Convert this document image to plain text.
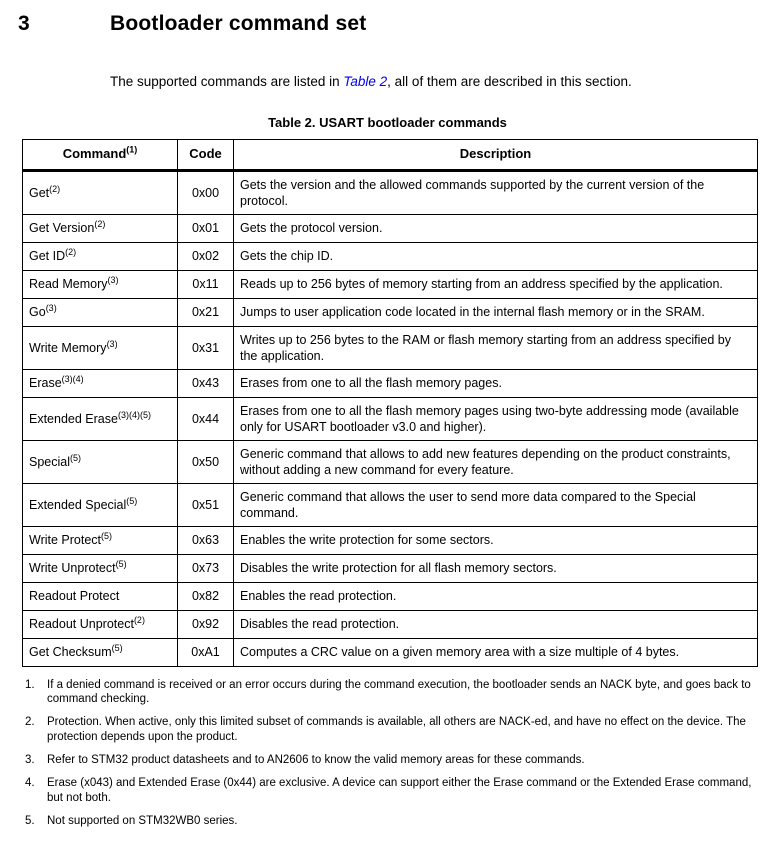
3	Bootloader command set

The supported commands are listed in Table 2, all of them are described in this section.

Table 2. USART bootloader commands
Command$^{(1)}$	Code	Description
Get$^{(2)}$	0x00	Gets the version and the allowed commands supported by the current version of the protocol.
Get Version$^{(2)}$	0x01	Gets the protocol version.
Get ID$^{(2)}$	0x02	Gets the chip ID.
Read Memory$^{(3)}$	0x11	Reads up to 256 bytes of memory starting from an address specified by the application.
Go$^{(3)}$	0x21	Jumps to user application code located in the internal flash memory or in the SRAM.
Write Memory$^{(3)}$	0x31	Writes up to 256 bytes to the RAM or flash memory starting from an address specified by the application.
Erase$^{(3)(4)}$	0x43	Erases from one to all the flash memory pages.
Extended Erase$^{(3)(4)(5)}$	0x44	Erases from one to all the flash memory pages using two-byte addressing mode (available only for USART bootloader v3.0 and higher).
Special$^{(5)}$	0x50	Generic command that allows to add new features depending on the product constraints, without adding a new command for every feature.
Extended Special$^{(5)}$	0x51	Generic command that allows the user to send more data compared to the Special command.
Write Protect$^{(5)}$	0x63	Enables the write protection for some sectors.
Write Unprotect$^{(5)}$	0x73	Disables the write protection for all flash memory sectors.
Readout Protect	0x82	Enables the read protection.
Readout Unprotect$^{(2)}$	0x92	Disables the read protection.
Get Checksum$^{(5)}$	0xA1	Computes a CRC value on a given memory area with a size multiple of 4 bytes.
1.	If a denied command is received or an error occurs during the command execution, the bootloader sends an NACK byte, and goes back to command checking.
2.	Protection. When active, only this limited subset of commands is available, all others are NACK-ed, and have no effect on the device. The protection depends upon the product.
3.	Refer to STM32 product datasheets and to AN2606 to know the valid memory areas for these commands.
4.	Erase (x043) and Extended Erase (0x44) are exclusive. A device can support either the Erase command or the Extended Erase command, but not both.
5.	Not supported on STM32WB0 series.
